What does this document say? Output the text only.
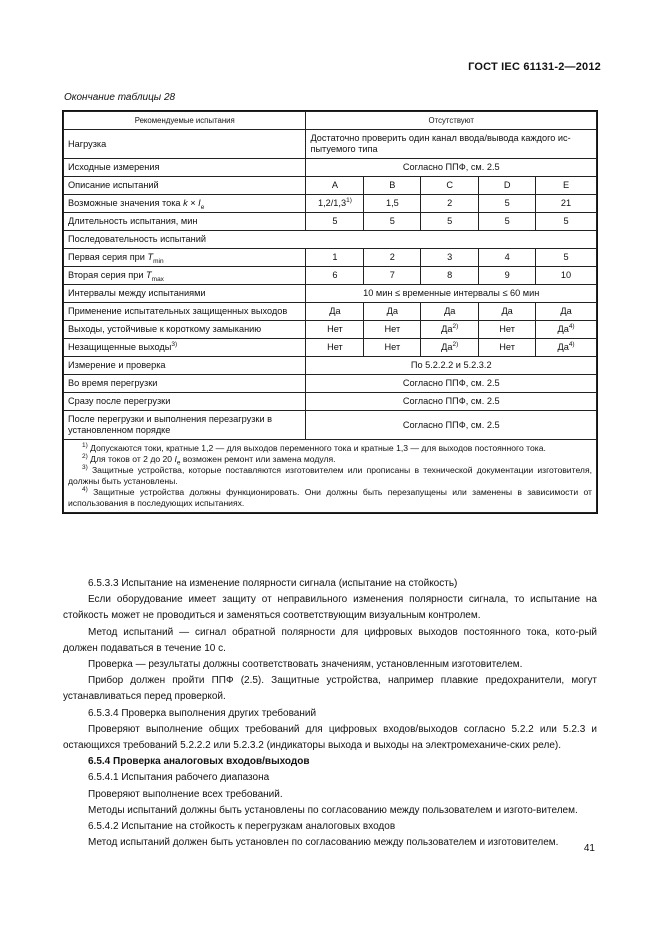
ГОСТ IEC 61131-2—2012
Окончание таблицы 28
Рекомендуемые испытания	Отсутствуют				
Нагрузка	Достаточно проверить один канал ввода/вывода каждого ис-пытуемого типа				
Исходные измерения	Согласно ППФ, см. 2.5				
Описание испытаний	A	B	C	D	E
Возможные значения тока $k \times I_e$	1,2/1,3$^{1)}$	1,5	2	5	21
Длительность испытания, мин	5	5	5	5	5
Последовательность испытаний					
Первая серия при $T_{min}$	1	2	3	4	5
Вторая серия при $T_{max}$	6	7	8	9	10
Интервалы между испытаниями	10 мин ≤ временные интервалы ≤ 60 мин				
Применение испытательных защищенных выходов	Да	Да	Да	Да	Да
Выходы, устойчивые к короткому замыканию	Нет	Нет	$Да^{2)}$	Нет	$Да^{4)}$
Незащищенные выходы$^{3)}$	Нет	Нет	$Да^{2)}$	Нет	$Да^{4)}$
Измерение и проверка	По 5.2.2.2 и 5.2.3.2				
Во время перегрузки	Согласно ППФ, см. 2.5				
Сразу после перегрузки	Согласно ППФ, см. 2.5				
После перегрузки и выполнения перезагрузки в установленном порядке	Согласно ППФ, см. 2.5				

$^{1)}$ Допускаются токи, кратные 1,2 — для выходов переменного тока и кратные 1,3 — для выходов постоянного тока.

$^{2)}$ Для токов от 2 до 20 $I_e$ возможен ремонт или замена модуля.

$^{3)}$ Защитные устройства, которые поставляются изготовителем или прописаны в технической документации изготовителя, должны быть установлены.

$^{4)}$ Защитные устройства должны функционировать. Они должны быть перезапущены или заменены в зависимости от использования в последующих испытаниях.					

6.5.3.3 Испытание на изменение полярности сигнала (испытание на стойкость)

Если оборудование имеет защиту от неправильного изменения полярности сигнала, то испытание на стойкость может не проводиться и заменяться соответствующим визуальным контролем.

Метод испытаний — сигнал обратной полярности для цифровых выходов постоянного тока, кото-рый должен подаваться в течение 10 с.

Проверка — результаты должны соответствовать значениям, установленным изготовителем.

Прибор должен пройти ППФ (2.5). Защитные устройства, например плавкие предохранители, могут устанавливаться перед проверкой.

6.5.3.4 Проверка выполнения других требований

Проверяют выполнение общих требований для цифровых входов/выходов согласно 5.2.2 или 5.2.3 и остающихся требований 5.2.2.2 или 5.2.3.2 (индикаторы выхода и выходы на электромеханиче-ских реле).

6.5.4 Проверка аналоговых входов/выходов

6.5.4.1 Испытания рабочего диапазона

Проверяют выполнение всех требований.

Методы испытаний должны быть установлены по согласованию между пользователем и изгото-вителем.

6.5.4.2 Испытание на стойкость к перегрузкам аналоговых входов

Метод испытаний должен быть установлен по согласованию между пользователем и изготовителем.

41
